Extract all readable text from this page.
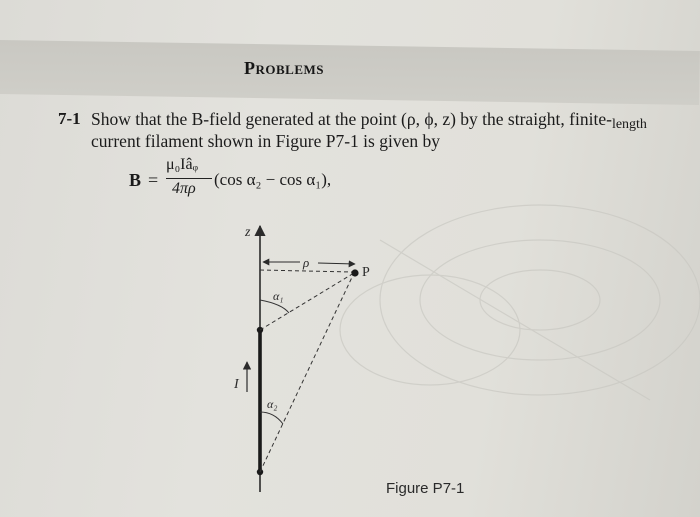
Problems
7-1 Show that the B-field generated at the point (ρ, ϕ, z) by the straight, finite-length
current filament shown in Figure P7-1 is given by
B =
μ₀Iâᵩ
4πρ (cos α₂ − cos α₁),
z
ρ
P
α₁
α₂
I
Figure P7-1
